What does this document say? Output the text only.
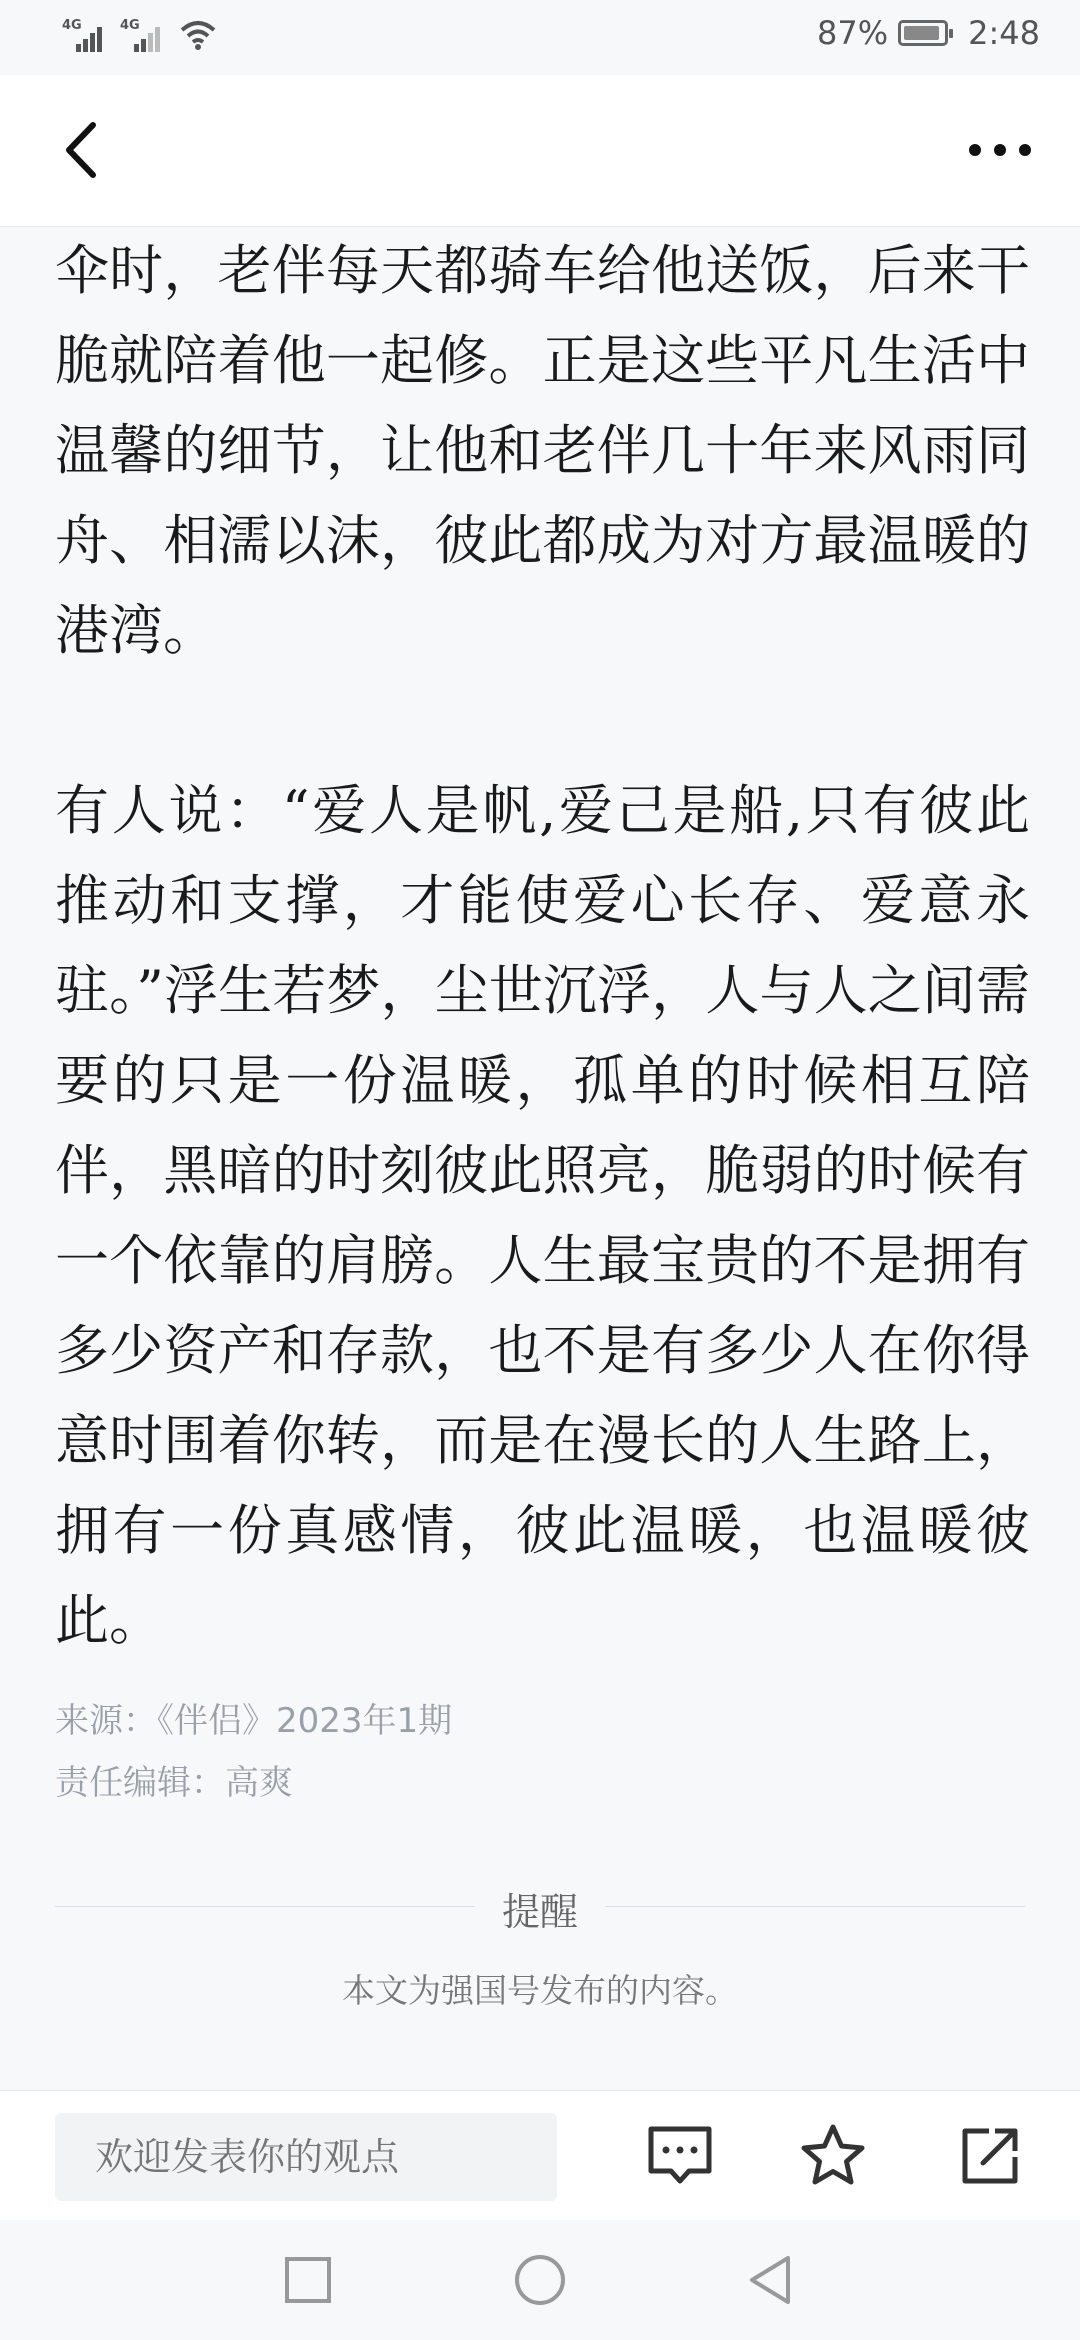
4G	4G	87%	2:48

伞时，老伴每天都骑车给他送饭，后来干脆就陪着他一起修。正是这些平凡生活中温馨的细节，让他和老伴几十年来风雨同舟、相濡以沫，彼此都成为对方最温暖的港湾。

有人说：“爱人是帆,爱己是船,只有彼此推动和支撑，才能使爱心长存、爱意永驻。”浮生若梦，尘世沉浮，人与人之间需要的只是一份温暖，孤单的时候相互陪伴，黑暗的时刻彼此照亮，脆弱的时候有一个依靠的肩膀。人生最宝贵的不是拥有多少资产和存款，也不是有多少人在你得意时围着你转，而是在漫长的人生路上，拥有一份真感情，彼此温暖，也温暖彼此。

来源：《伴侣》2023年1期
责任编辑：高爽
提醒
本文为强国号发布的内容。
欢迎发表你的观点
